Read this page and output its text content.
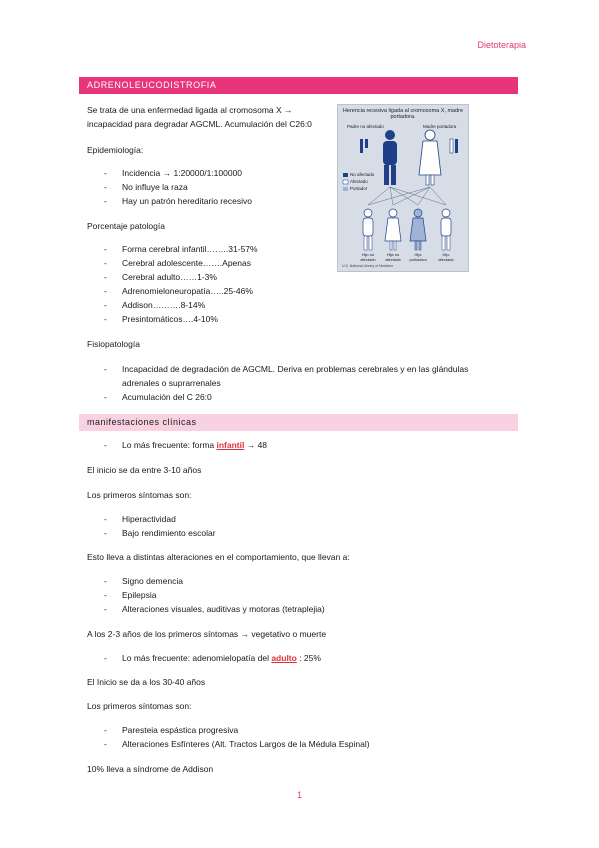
Dietoterapia
ADRENOLEUCODISTROFIA
Se trata de una enfermedad ligada al cromosoma X →
incapacidad para degradar AGCML. Acumulación del C26:0
Epidemiología:
- Incidencia → 1:20000/1:100000
- No influye la raza
- Hay un patrón hereditario recesivo
Porcentaje patología
- Forma cerebral infantil……..31-57%
- Cerebral adolescente…….Apenas
- Cerebral adulto……1-3%
- Adrenomieloneuropatía…..25-46%
- Addison……….8-14%
- Presintomáticos….4-10%
Fisiopatología
- Incapacidad de degradación de AGCML. Deriva en problemas cerebrales y en las glándulas
adrenales o suprarrenales
- Acumulación del C 26:0
Herencia recesiva ligada al cromosoma X, madre portadora.
Padre no afectado	Madre portadora
No afectado
Afectado
Portador
Hijo no afectado
Hija no afectada
Hija portadora
Hijo afectado
U.S. National Library of Medicine
manifestaciones clínicas
- Lo más frecuente: forma infantil → 48
El inicio se da entre 3-10 años
Los primeros síntomas son:
- Hiperactividad
- Bajo rendimiento escolar
Esto lleva a distintas alteraciones en el comportamiento, que llevan a:
- Signo demencia
- Epilepsia
- Alteraciones visuales, auditivas y motoras (tetraplejia)
A los 2-3 años de los primeros síntomas → vegetativo o muerte
- Lo más frecuente: adenomielopatía del adulto : 25%
El Inicio se da a los 30-40 años
Los primeros síntomas son:
- Paresteia espástica progresiva
- Alteraciones Esfínteres (Alt. Tractos Largos de la Médula Espinal)
10% lleva a síndrome de Addison
1
